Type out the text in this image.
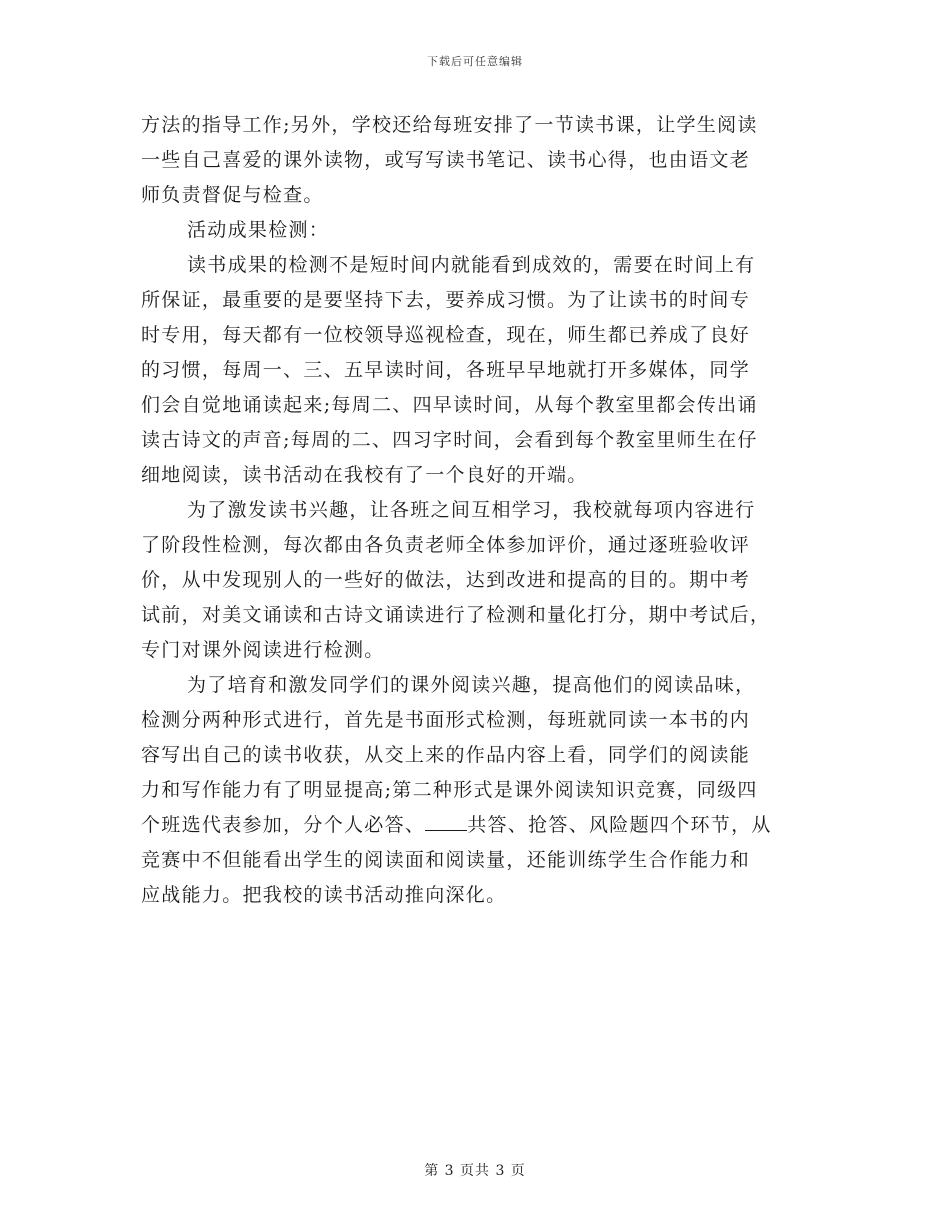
下载后可任意编辑
方法的指导工作;另外，学校还给每班安排了一节读书课，让学生阅读
一些自己喜爱的课外读物，或写写读书笔记、读书心得，也由语文老
师负责督促与检查。
活动成果检测：
读书成果的检测不是短时间内就能看到成效的，需要在时间上有
所保证，最重要的是要坚持下去，要养成习惯。为了让读书的时间专
时专用，每天都有一位校领导巡视检查，现在，师生都已养成了良好
的习惯，每周一、三、五早读时间，各班早早地就打开多媒体，同学
们会自觉地诵读起来;每周二、四早读时间，从每个教室里都会传出诵
读古诗文的声音;每周的二、四习字时间，会看到每个教室里师生在仔
细地阅读，读书活动在我校有了一个良好的开端。
为了激发读书兴趣，让各班之间互相学习，我校就每项内容进行
了阶段性检测，每次都由各负责老师全体参加评价，通过逐班验收评
价，从中发现别人的一些好的做法，达到改进和提高的目的。期中考
试前，对美文诵读和古诗文诵读进行了检测和量化打分，期中考试后，
专门对课外阅读进行检测。
为了培育和激发同学们的课外阅读兴趣，提高他们的阅读品味，
检测分两种形式进行，首先是书面形式检测，每班就同读一本书的内
容写出自己的读书收获，从交上来的作品内容上看，同学们的阅读能
力和写作能力有了明显提高;第二种形式是课外阅读知识竞赛，同级四
个班选代表参加，分个人必答、 共答、抢答、风险题四个环节，从
竞赛中不但能看出学生的阅读面和阅读量，还能训练学生合作能力和
应战能力。把我校的读书活动推向深化。
第 3 页共 3 页
